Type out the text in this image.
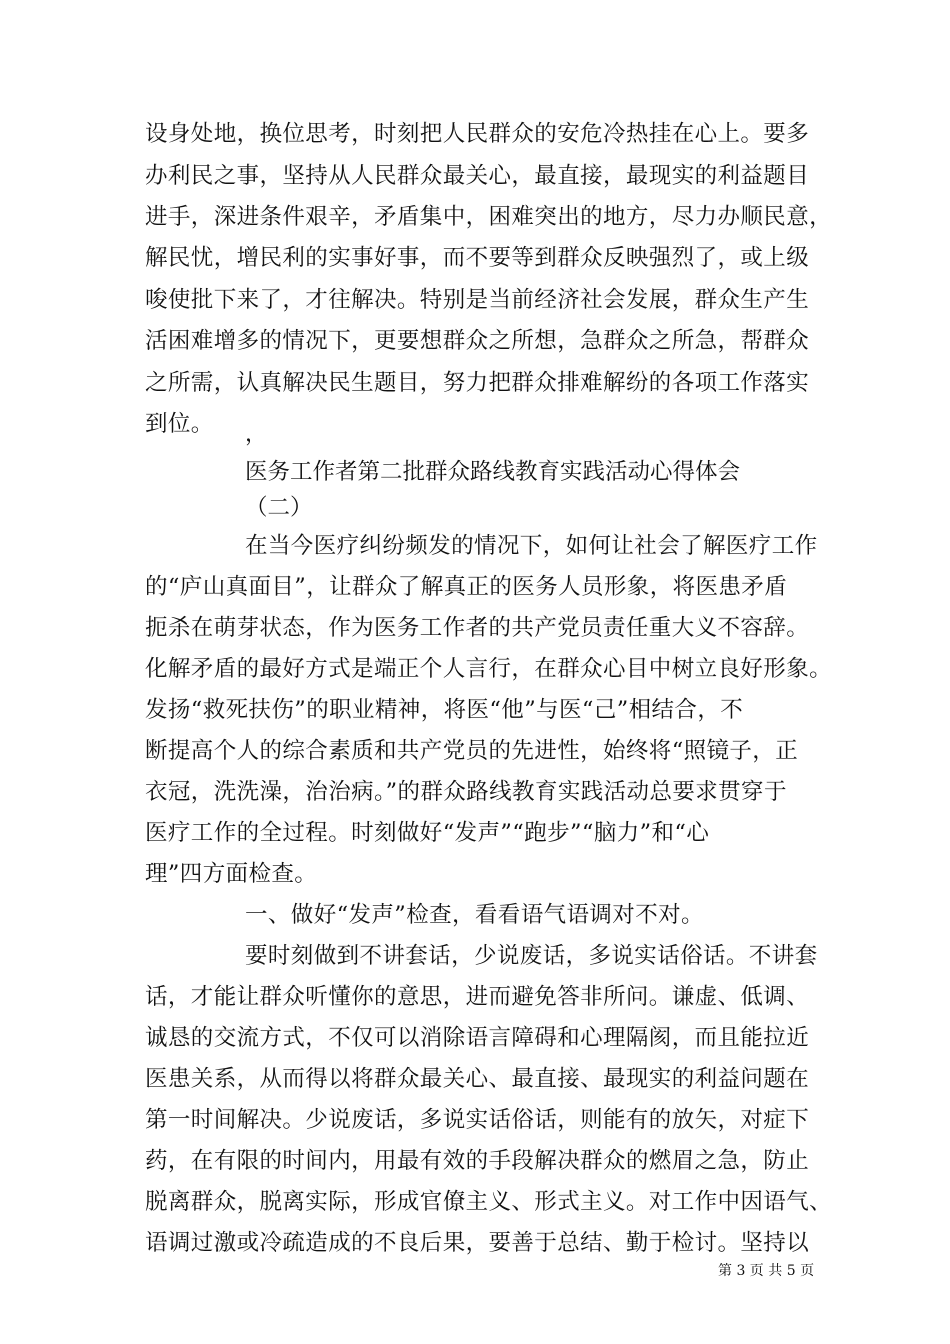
设身处地，换位思考，时刻把人民群众的安危冷热挂在心上。要多
办利民之事，坚持从人民群众最关心，最直接，最现实的利益题目
进手，深进条件艰辛，矛盾集中，困难突出的地方，尽力办顺民意，
解民忧，增民利的实事好事，而不要等到群众反映强烈了，或上级
唆使批下来了，才往解决。特别是当前经济社会发展，群众生产生
活困难增多的情况下，更要想群众之所想，急群众之所急，帮群众
之所需，认真解决民生题目，努力把群众排难解纷的各项工作落实
到位。	，
医务工作者第二批群众路线教育实践活动心得体会
（二）
在当今医疗纠纷频发的情况下，如何让社会了解医疗工作
的“庐山真面目”，让群众了解真正的医务人员形象，将医患矛盾
扼杀在萌芽状态，作为医务工作者的共产党员责任重大义不容辞。
化解矛盾的最好方式是端正个人言行，在群众心目中树立良好形象。
发扬“救死扶伤”的职业精神，将医“他”与医“己”相结合，不
断提高个人的综合素质和共产党员的先进性，始终将“照镜子，正
衣冠，洗洗澡，治治病。”的群众路线教育实践活动总要求贯穿于
医疗工作的全过程。时刻做好“发声”“跑步”“脑力”和“心
理”四方面检查。
一、做好“发声”检查，看看语气语调对不对。
要时刻做到不讲套话，少说废话，多说实话俗话。不讲套
话，才能让群众听懂你的意思，进而避免答非所问。谦虚、低调、
诚恳的交流方式，不仅可以消除语言障碍和心理隔阂，而且能拉近
医患关系，从而得以将群众最关心、最直接、最现实的利益问题在
第一时间解决。少说废话，多说实话俗话，则能有的放矢，对症下
药，在有限的时间内，用最有效的手段解决群众的燃眉之急，防止
脱离群众，脱离实际，形成官僚主义、形式主义。对工作中因语气、
语调过激或冷疏造成的不良后果，要善于总结、勤于检讨。坚持以
第 3 页 共 5 页
